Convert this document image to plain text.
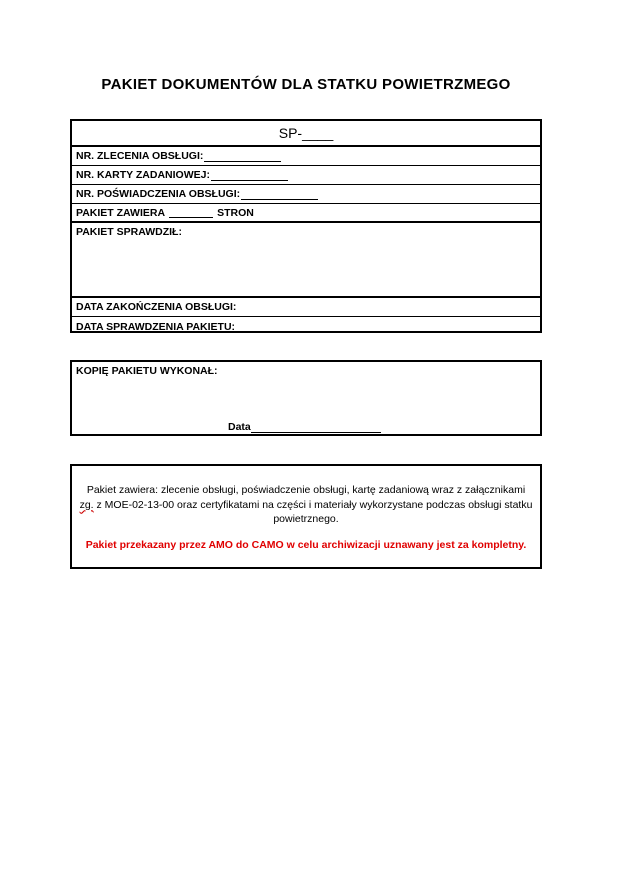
PAKIET DOKUMENTÓW DLA STATKU POWIETRZMEGO
SP-____
NR. ZLECENIA OBSŁUGI:
NR. KARTY ZADANIOWEJ:
NR. POŚWIADCZENIA OBSŁUGI:
PAKIET ZAWIERA	STRON
PAKIET SPRAWDZIŁ:
DATA ZAKOŃCZENIA OBSŁUGI:
DATA SPRAWDZENIA PAKIETU:
KOPIĘ PAKIETU WYKONAŁ:
Data
Pakiet zawiera: zlecenie obsługi, poświadczenie obsługi, kartę zadaniową wraz z załącznikami
zg. z MOE-02-13-00 oraz certyfikatami na części i materiały wykorzystane podczas obsługi statku powietrznego.
Pakiet przekazany przez AMO do CAMO w celu archiwizacji uznawany jest za kompletny.
